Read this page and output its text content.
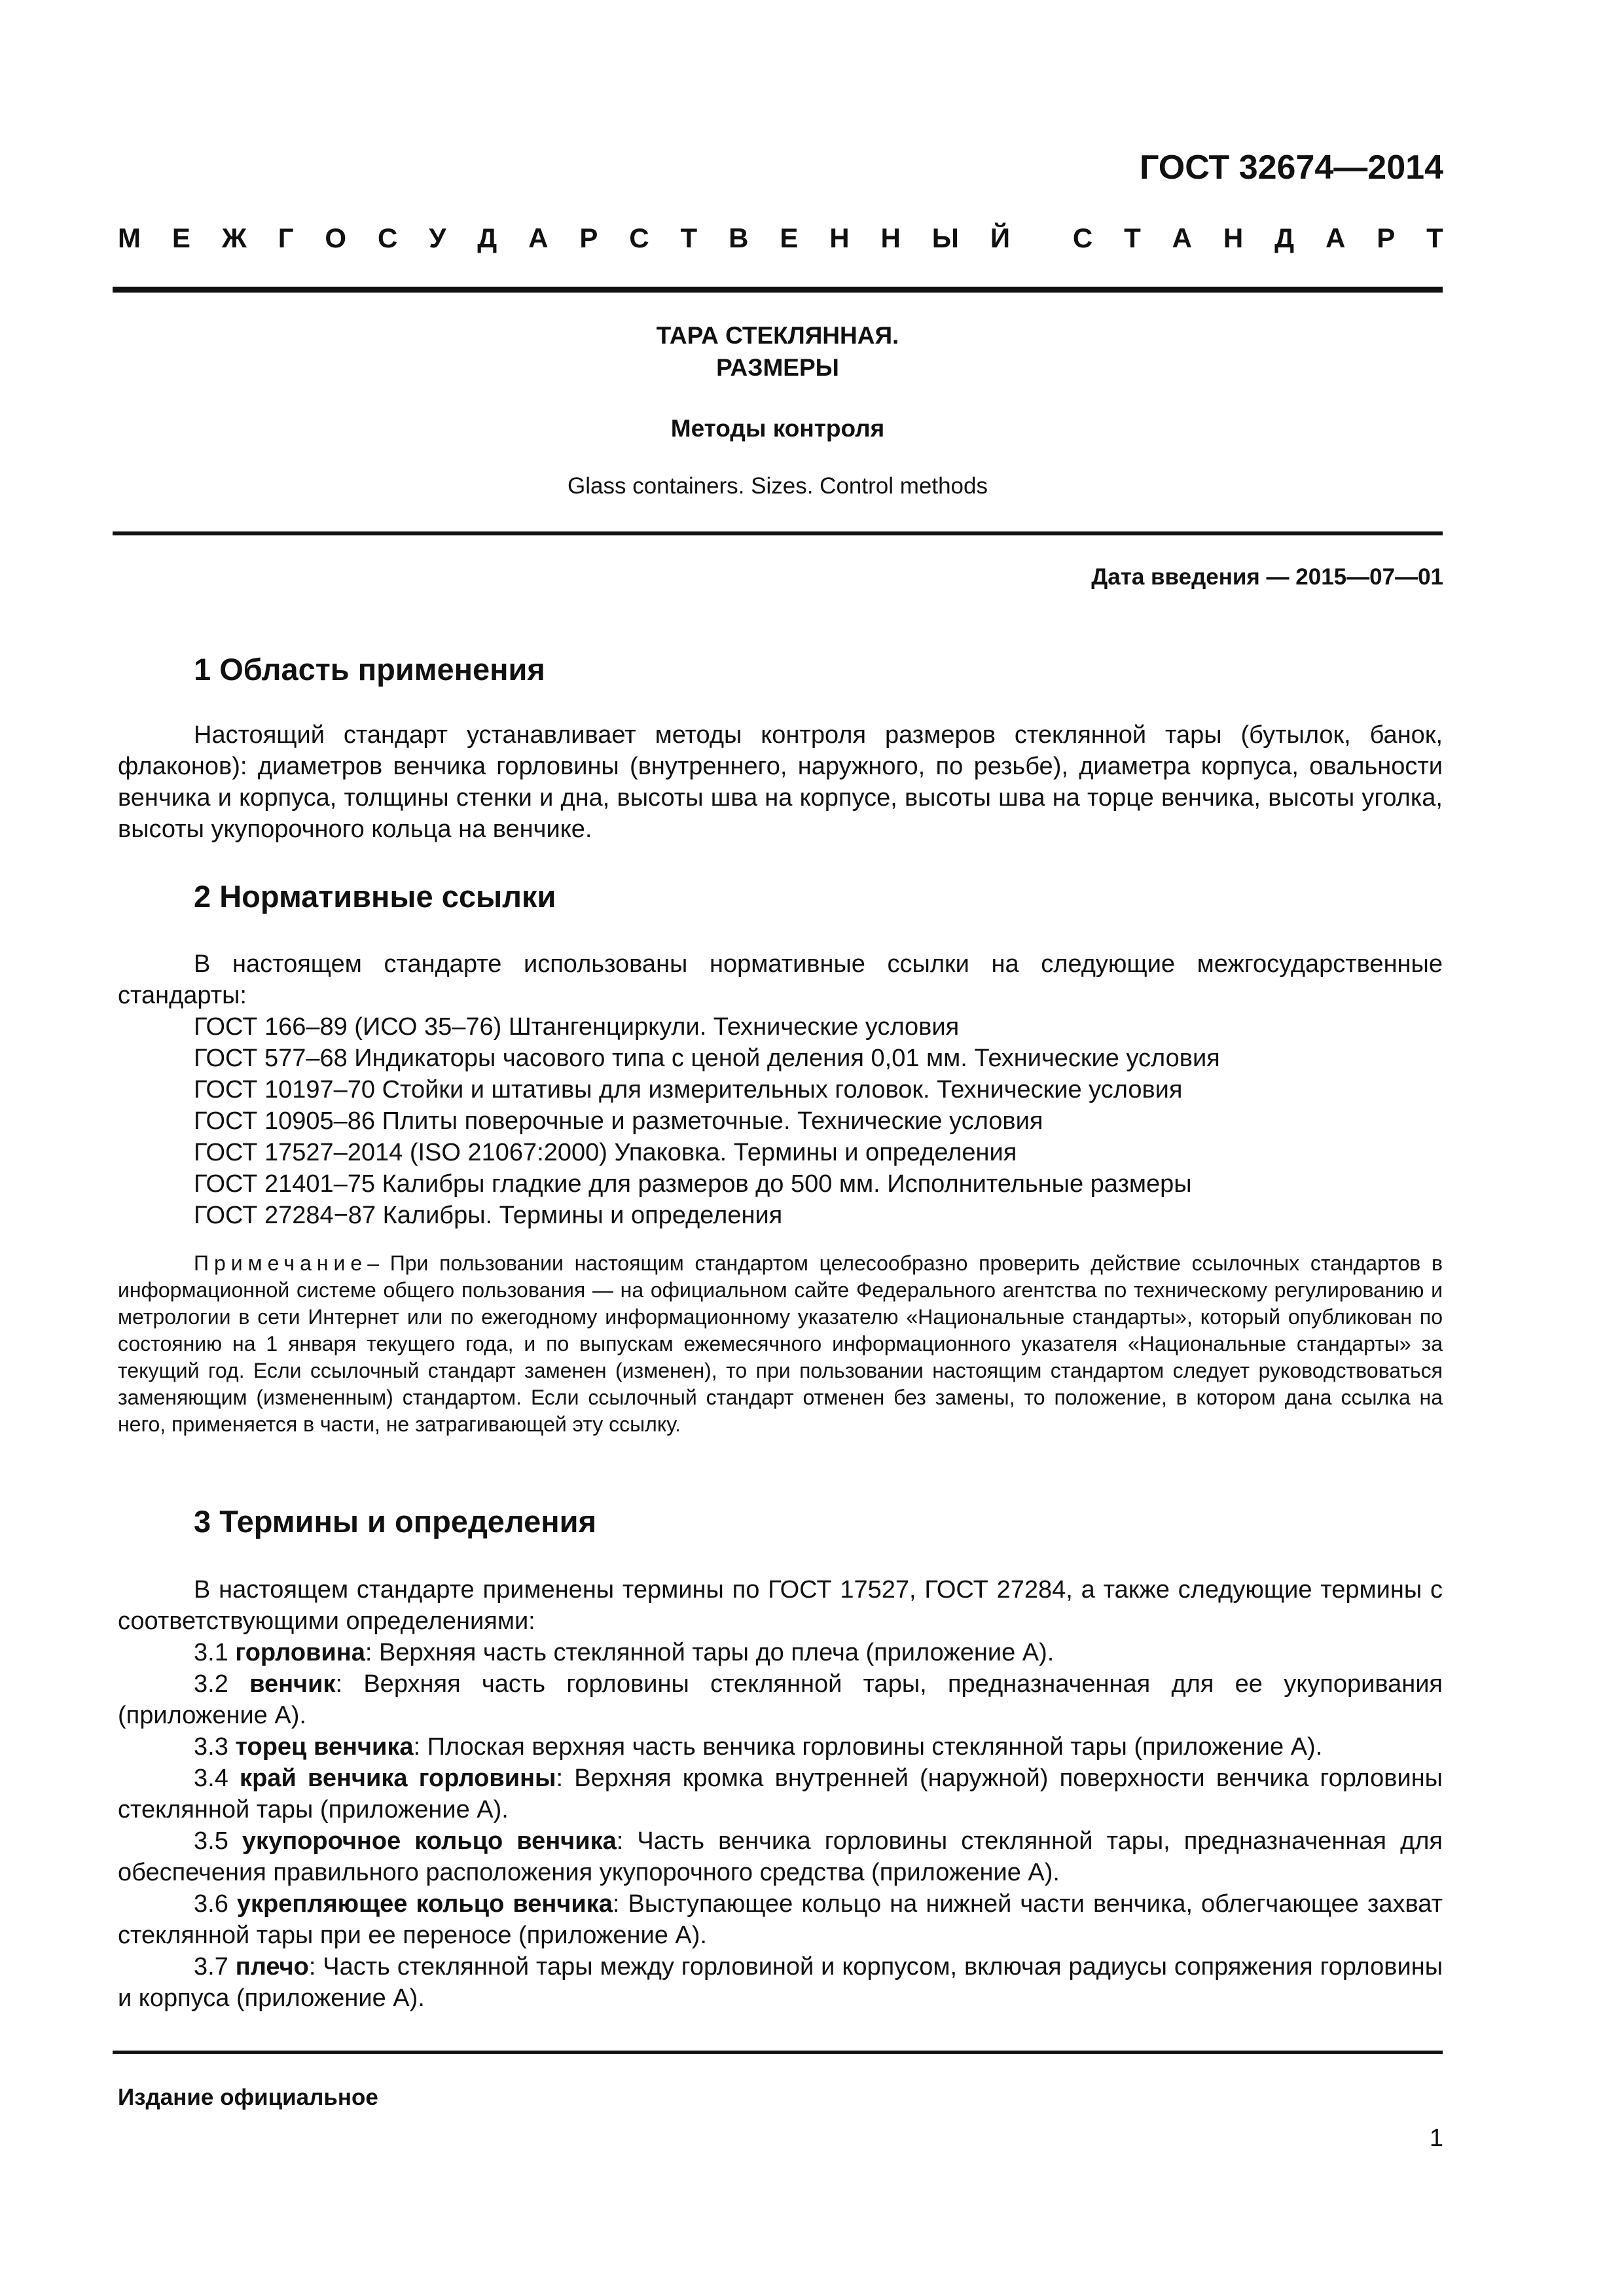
ГОСТ 32674—2014

М Е Ж Г О С У Д А Р С Т В Е Н Н Ы Й С Т А Н Д А Р Т

ТАРА СТЕКЛЯННАЯ.

РАЗМЕРЫ

Методы контроля

Glass containers. Sizes. Control methods

Дата введения — 2015—07—01

1 Область применения

Настоящий стандарт устанавливает методы контроля размеров стеклянной тары (бутылок, банок, флаконов): диаметров венчика горловины (внутреннего, наружного, по резьбе), диаметра корпуса, овальности венчика и корпуса, толщины стенки и дна, высоты шва на корпусе, высоты шва на торце венчика, высоты уголка, высоты укупорочного кольца на венчике.

2 Нормативные ссылки

В настоящем стандарте использованы нормативные ссылки на следующие межгосударственные стандарты:

ГОСТ 166–89 (ИСО 35–76) Штангенциркули. Технические условия
ГОСТ 577–68 Индикаторы часового типа с ценой деления 0,01 мм. Технические условия
ГОСТ 10197–70 Стойки и штативы для измерительных головок. Технические условия
ГОСТ 10905–86 Плиты поверочные и разметочные. Технические условия
ГОСТ 17527–2014 (ISO 21067:2000) Упаковка. Термины и определения
ГОСТ 21401–75 Калибры гладкие для размеров до 500 мм. Исполнительные размеры
ГОСТ 27284−87 Калибры. Термины и определения

Примечание– При пользовании настоящим стандартом целесообразно проверить действие ссылочных стандартов в информационной системе общего пользования — на официальном сайте Федерального агентства по техническому регулированию и метрологии в сети Интернет или по ежегодному информационному указателю «Национальные стандарты», который опубликован по состоянию на 1 января текущего года, и по выпускам ежемесячного информационного указателя «Национальные стандарты» за текущий год. Если ссылочный стандарт заменен (изменен), то при пользовании настоящим стандартом следует руководствоваться заменяющим (измененным) стандартом. Если ссылочный стандарт отменен без замены, то положение, в котором дана ссылка на него, применяется в части, не затрагивающей эту ссылку.

3 Термины и определения

В настоящем стандарте применены термины по ГОСТ 17527, ГОСТ 27284, а также следующие термины с соответствующими определениями:

3.1 горловина: Верхняя часть стеклянной тары до плеча (приложение А).

3.2 венчик: Верхняя часть горловины стеклянной тары, предназначенная для ее укупоривания (приложение А).

3.3 торец венчика: Плоская верхняя часть венчика горловины стеклянной тары (приложение А).

3.4 край венчика горловины: Верхняя кромка внутренней (наружной) поверхности венчика горловины стеклянной тары (приложение А).

3.5 укупорочное кольцо венчика: Часть венчика горловины стеклянной тары, предназначенная для обеспечения правильного расположения укупорочного средства (приложение А).

3.6 укрепляющее кольцо венчика: Выступающее кольцо на нижней части венчика, облегчающее захват стеклянной тары при ее переносе (приложение А).

3.7 плечо: Часть стеклянной тары между горловиной и корпусом, включая радиусы сопряжения горловины и корпуса (приложение А).

Издание официальное

1
